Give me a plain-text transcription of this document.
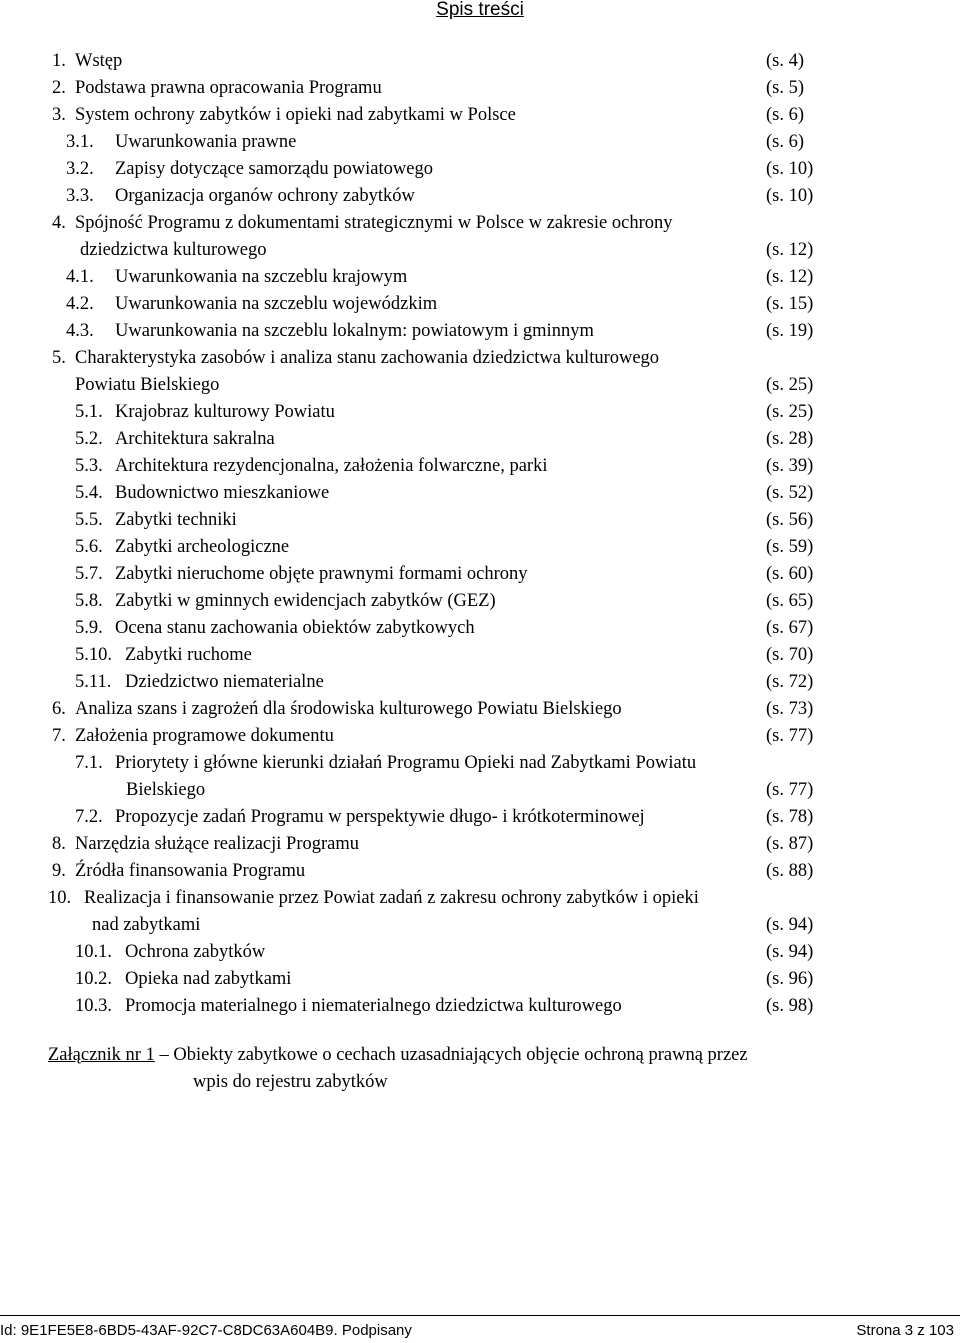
Spis treści
1. Wstęp	(s. 4)
2. Podstawa prawna opracowania Programu	(s. 5)
3. System ochrony zabytków i opieki nad zabytkami w Polsce	(s. 6)
3.1. Uwarunkowania prawne	(s. 6)
3.2. Zapisy dotyczące samorządu powiatowego	(s. 10)
3.3. Organizacja organów ochrony zabytków	(s. 10)
4. Spójność Programu z dokumentami strategicznymi w Polsce w zakresie ochrony
dziedzictwa kulturowego	(s. 12)
4.1. Uwarunkowania na szczeblu krajowym	(s. 12)
4.2. Uwarunkowania na szczeblu wojewódzkim	(s. 15)
4.3. Uwarunkowania na szczeblu lokalnym: powiatowym i gminnym	(s. 19)
5. Charakterystyka zasobów i analiza stanu zachowania dziedzictwa kulturowego
Powiatu Bielskiego	(s. 25)
5.1. Krajobraz kulturowy Powiatu	(s. 25)
5.2. Architektura sakralna	(s. 28)
5.3. Architektura rezydencjonalna, założenia folwarczne, parki	(s. 39)
5.4. Budownictwo mieszkaniowe	(s. 52)
5.5. Zabytki techniki	(s. 56)
5.6. Zabytki archeologiczne	(s. 59)
5.7. Zabytki nieruchome objęte prawnymi formami ochrony	(s. 60)
5.8. Zabytki w gminnych ewidencjach zabytków (GEZ)	(s. 65)
5.9. Ocena stanu zachowania obiektów zabytkowych	(s. 67)
5.10. Zabytki ruchome	(s. 70)
5.11. Dziedzictwo niematerialne	(s. 72)
6. Analiza szans i zagrożeń dla środowiska kulturowego Powiatu Bielskiego	(s. 73)
7. Założenia programowe dokumentu	(s. 77)
7.1. Priorytety i główne kierunki działań Programu Opieki nad Zabytkami Powiatu
Bielskiego	(s. 77)
7.2. Propozycje zadań Programu w perspektywie długo- i krótkoterminowej	(s. 78)
8. Narzędzia służące realizacji Programu	(s. 87)
9. Źródła finansowania Programu	(s. 88)
10. Realizacja i finansowanie przez Powiat zadań z zakresu ochrony zabytków i opieki
nad zabytkami	(s. 94)
10.1. Ochrona zabytków	(s. 94)
10.2. Opieka nad zabytkami	(s. 96)
10.3. Promocja materialnego i niematerialnego dziedzictwa kulturowego	(s. 98)
Załącznik nr 1 – Obiekty zabytkowe o cechach uzasadniających objęcie ochroną prawną przez
wpis do rejestru zabytków
Id: 9E1FE5E8-6BD5-43AF-92C7-C8DC63A604B9. Podpisany	Strona 3 z 103
